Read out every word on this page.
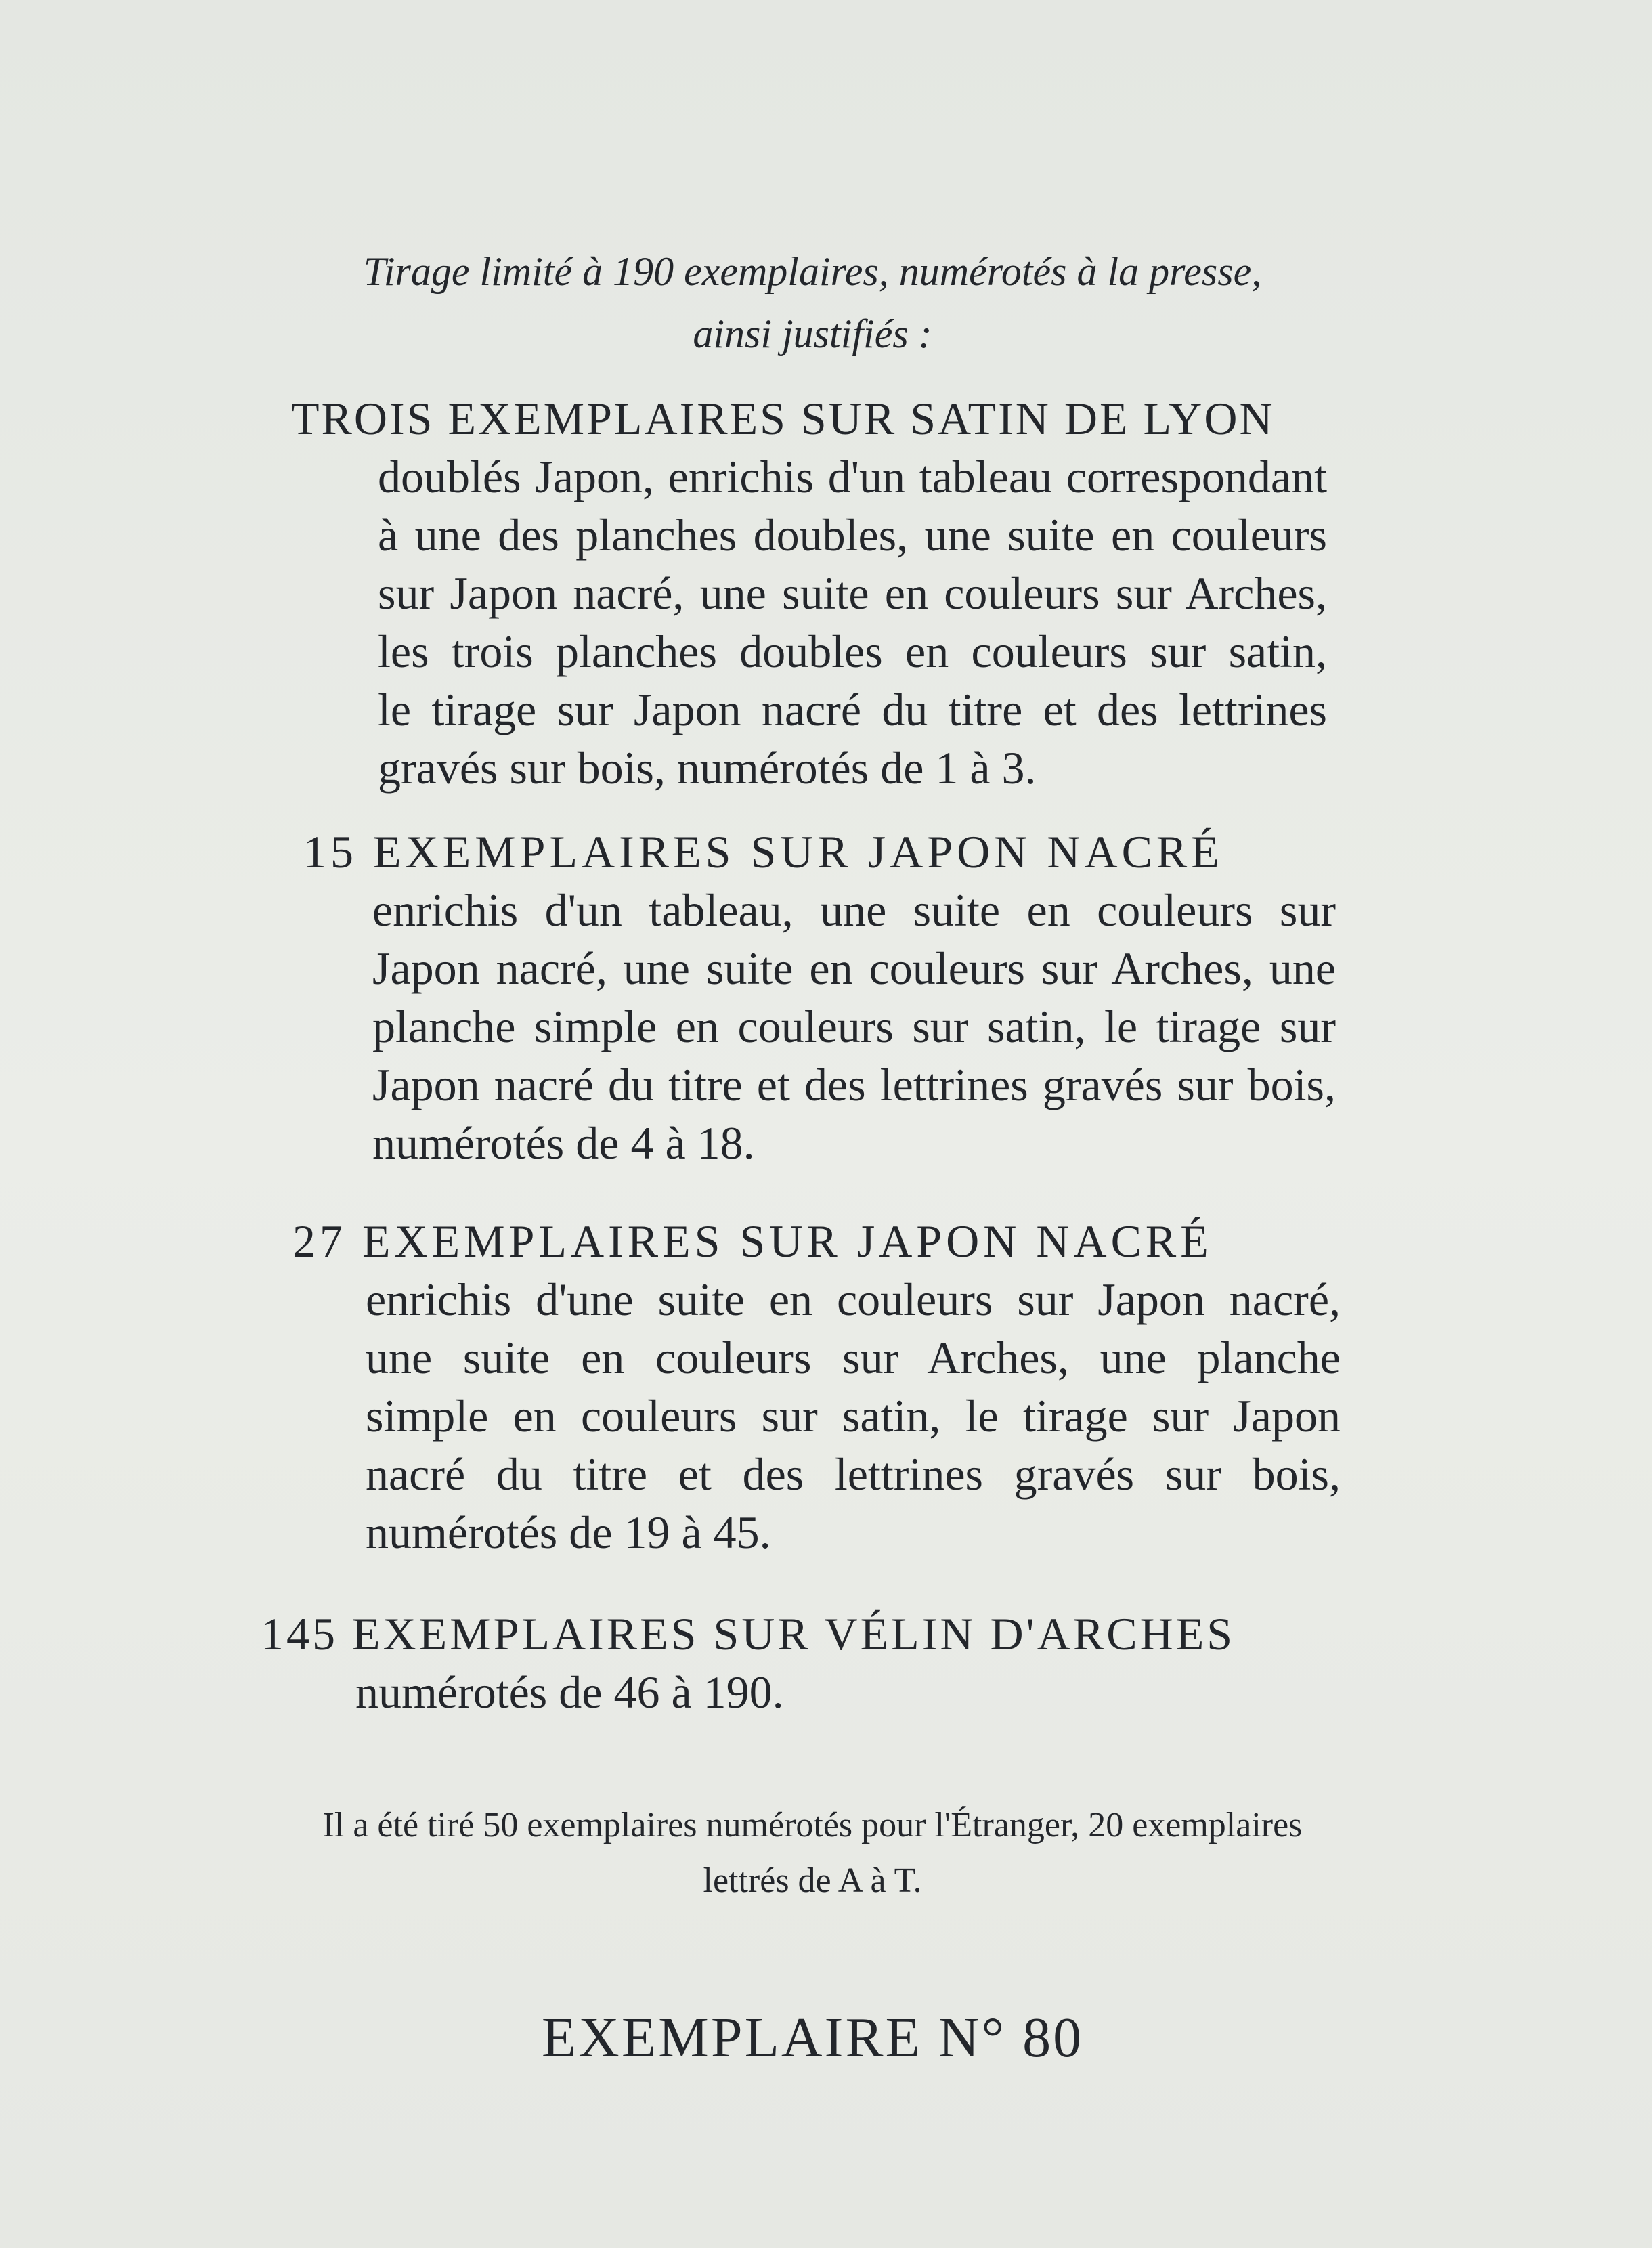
Tirage limité à 190 exemplaires, numérotés à la presse,
ainsi justifiés :
TROIS EXEMPLAIRES SUR SATIN DE LYON
doublés Japon, enrichis d'un tableau correspondant
à une des planches doubles, une suite en couleurs
sur Japon nacré, une suite en couleurs sur Arches,
les trois planches doubles en couleurs sur satin,
le tirage sur Japon nacré du titre et des lettrines
gravés sur bois, numérotés de 1 à 3.
15 EXEMPLAIRES SUR JAPON NACRÉ
enrichis d'un tableau, une suite en couleurs sur
Japon nacré, une suite en couleurs sur Arches, une
planche simple en couleurs sur satin, le tirage sur
Japon nacré du titre et des lettrines gravés sur bois,
numérotés de 4 à 18.
27 EXEMPLAIRES SUR JAPON NACRÉ
enrichis d'une suite en couleurs sur Japon nacré,
une suite en couleurs sur Arches, une planche
simple en couleurs sur satin, le tirage sur Japon
nacré du titre et des lettrines gravés sur bois,
numérotés de 19 à 45.
145 EXEMPLAIRES SUR VÉLIN D'ARCHES
numérotés de 46 à 190.
Il a été tiré 50 exemplaires numérotés pour l'Étranger, 20 exemplaires
lettrés de A à T.
EXEMPLAIRE N° 80
